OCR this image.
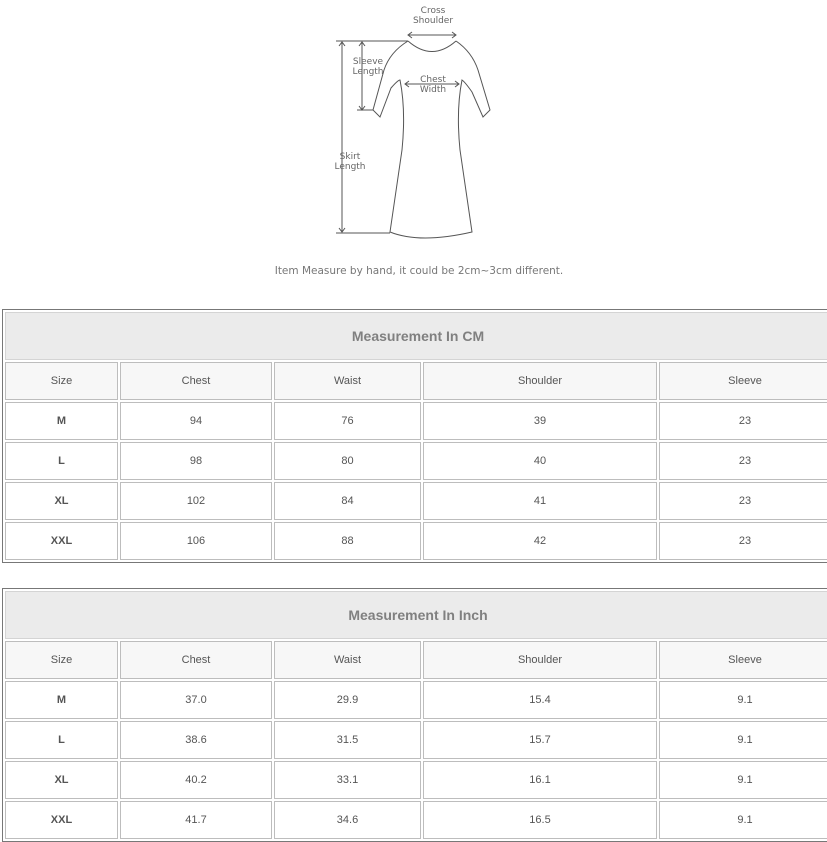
Cross
Shoulder
Sleeve
Length
Chest
Width
Skirt
Length
Item Measure by hand, it could be 2cm~3cm different.
Measurement In CM				
Size	Chest	Waist	Shoulder	Sleeve
M	94	76	39	23
L	98	80	40	23
XL	102	84	41	23
XXL	106	88	42	23
Measurement In Inch				
Size	Chest	Waist	Shoulder	Sleeve
M	37.0	29.9	15.4	9.1
L	38.6	31.5	15.7	9.1
XL	40.2	33.1	16.1	9.1
XXL	41.7	34.6	16.5	9.1
